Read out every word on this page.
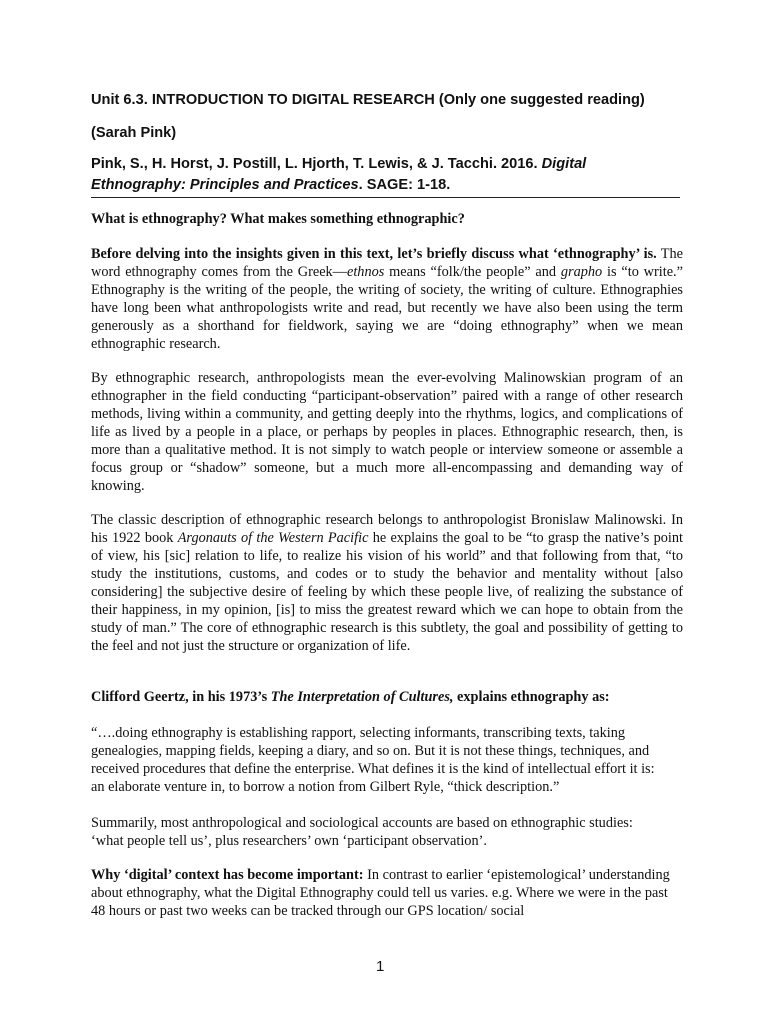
Unit 6.3. INTRODUCTION TO DIGITAL RESEARCH (Only one suggested reading)
(Sarah Pink)
Pink, S., H. Horst, J. Postill, L. Hjorth, T. Lewis, & J. Tacchi. 2016. Digital
Ethnography: Principles and Practices. SAGE: 1-18.
What is ethnography? What makes something ethnographic?
Before delving into the insights given in this text, let’s briefly discuss what ‘ethnography’ is. The word ethnography comes from the Greek—ethnos means “folk/the people” and grapho is “to write.” Ethnography is the writing of the people, the writing of society, the writing of culture. Ethnographies have long been what anthropologists write and read, but recently we have also been using the term generously as a shorthand for fieldwork, saying we are “doing ethnography” when we mean ethnographic research.
By ethnographic research, anthropologists mean the ever-evolving Malinowskian program of an ethnographer in the field conducting “participant-observation” paired with a range of other research methods, living within a community, and getting deeply into the rhythms, logics, and complications of life as lived by a people in a place, or perhaps by peoples in places. Ethnographic research, then, is more than a qualitative method. It is not simply to watch people or interview someone or assemble a focus group or “shadow” someone, but a much more all-encompassing and demanding way of knowing.
The classic description of ethnographic research belongs to anthropologist Bronislaw Malinowski. In his 1922 book Argonauts of the Western Pacific he explains the goal to be “to grasp the native’s point of view, his [sic] relation to life, to realize his vision of his world” and that following from that, “to study the institutions, customs, and codes or to study the behavior and mentality without [also considering] the subjective desire of feeling by which these people live, of realizing the substance of their happiness, in my opinion, [is] to miss the greatest reward which we can hope to obtain from the study of man.” The core of ethnographic research is this subtlety, the goal and possibility of getting to the feel and not just the structure or organization of life.
Clifford Geertz, in his 1973’s The Interpretation of Cultures, explains ethnography as:
“….doing ethnography is establishing rapport, selecting informants, transcribing texts, taking genealogies, mapping fields, keeping a diary, and so on. But it is not these things, techniques, and received procedures that define the enterprise. What defines it is the kind of intellectual effort it is: an elaborate venture in, to borrow a notion from Gilbert Ryle, “thick description.”
Summarily, most anthropological and sociological accounts are based on ethnographic studies: ‘what people tell us’, plus researchers’ own ‘participant observation’.
Why ‘digital’ context has become important: In contrast to earlier ‘epistemological’ understanding about ethnography, what the Digital Ethnography could tell us varies. e.g. Where we were in the past 48 hours or past two weeks can be tracked through our GPS location/ social
1
